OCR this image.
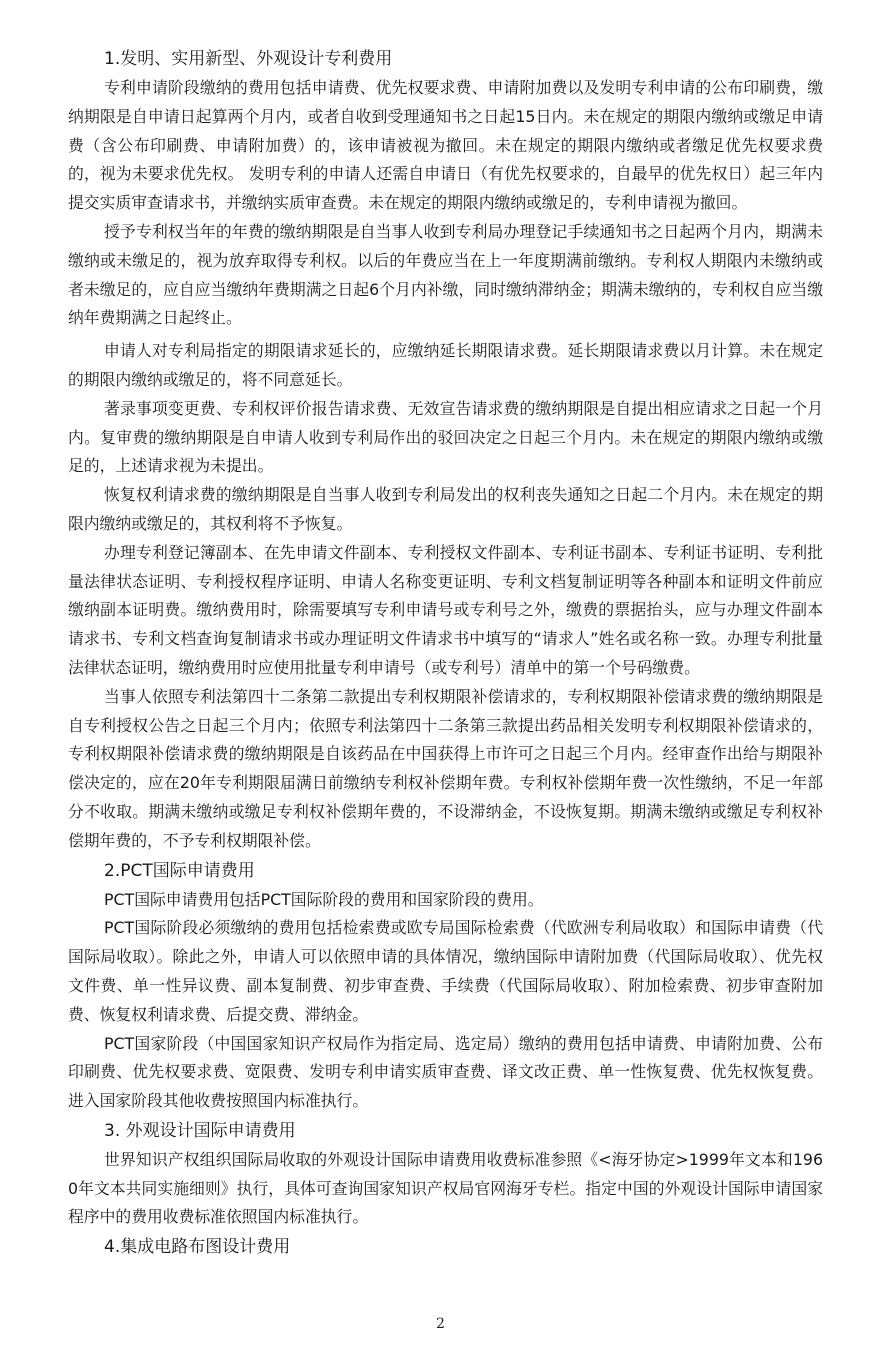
1.发明、实用新型、外观设计专利费用

专利申请阶段缴纳的费用包括申请费、优先权要求费、申请附加费以及发明专利申请的公布印刷费，缴纳期限是自申请日起算两个月内，或者自收到受理通知书之日起15日内。未在规定的期限内缴纳或缴足申请费（含公布印刷费、申请附加费）的，该申请被视为撤回。未在规定的期限内缴纳或者缴足优先权要求费的，视为未要求优先权。 发明专利的申请人还需自申请日（有优先权要求的，自最早的优先权日）起三年内提交实质审查请求书，并缴纳实质审查费。未在规定的期限内缴纳或缴足的，专利申请视为撤回。

授予专利权当年的年费的缴纳期限是自当事人收到专利局办理登记手续通知书之日起两个月内，期满未缴纳或未缴足的，视为放弃取得专利权。以后的年费应当在上一年度期满前缴纳。专利权人期限内未缴纳或者未缴足的，应自应当缴纳年费期满之日起6个月内补缴，同时缴纳滞纳金；期满未缴纳的，专利权自应当缴纳年费期满之日起终止。

申请人对专利局指定的期限请求延长的，应缴纳延长期限请求费。延长期限请求费以月计算。未在规定的期限内缴纳或缴足的，将不同意延长。

著录事项变更费、专利权评价报告请求费、无效宣告请求费的缴纳期限是自提出相应请求之日起一个月内。复审费的缴纳期限是自申请人收到专利局作出的驳回决定之日起三个月内。未在规定的期限内缴纳或缴足的，上述请求视为未提出。

恢复权利请求费的缴纳期限是自当事人收到专利局发出的权利丧失通知之日起二个月内。未在规定的期限内缴纳或缴足的，其权利将不予恢复。

办理专利登记簿副本、在先申请文件副本、专利授权文件副本、专利证书副本、专利证书证明、专利批量法律状态证明、专利授权程序证明、申请人名称变更证明、专利文档复制证明等各种副本和证明文件前应缴纳副本证明费。缴纳费用时，除需要填写专利申请号或专利号之外，缴费的票据抬头，应与办理文件副本请求书、专利文档查询复制请求书或办理证明文件请求书中填写的“请求人”姓名或名称一致。办理专利批量法律状态证明，缴纳费用时应使用批量专利申请号（或专利号）清单中的第一个号码缴费。

当事人依照专利法第四十二条第二款提出专利权期限补偿请求的，专利权期限补偿请求费的缴纳期限是自专利授权公告之日起三个月内；依照专利法第四十二条第三款提出药品相关发明专利权期限补偿请求的，专利权期限补偿请求费的缴纳期限是自该药品在中国获得上市许可之日起三个月内。经审查作出给与期限补偿决定的，应在20年专利期限届满日前缴纳专利权补偿期年费。专利权补偿期年费一次性缴纳，不足一年部分不收取。期满未缴纳或缴足专利权补偿期年费的，不设滞纳金，不设恢复期。期满未缴纳或缴足专利权补偿期年费的，不予专利权期限补偿。

2.PCT国际申请费用

PCT国际申请费用包括PCT国际阶段的费用和国家阶段的费用。

PCT国际阶段必须缴纳的费用包括检索费或欧专局国际检索费（代欧洲专利局收取）和国际申请费（代国际局收取）。除此之外，申请人可以依照申请的具体情况，缴纳国际申请附加费（代国际局收取）、优先权文件费、单一性异议费、副本复制费、初步审查费、手续费（代国际局收取）、附加检索费、初步审查附加费、恢复权利请求费、后提交费、滞纳金。

PCT国家阶段（中国国家知识产权局作为指定局、选定局）缴纳的费用包括申请费、申请附加费、公布印刷费、优先权要求费、宽限费、发明专利申请实质审查费、译文改正费、单一性恢复费、优先权恢复费。进入国家阶段其他收费按照国内标准执行。

3. 外观设计国际申请费用

世界知识产权组织国际局收取的外观设计国际申请费用收费标准参照《<海牙协定>1999年文本和1960年文本共同实施细则》执行，具体可查询国家知识产权局官网海牙专栏。指定中国的外观设计国际申请国家程序中的费用收费标准依照国内标准执行。

4.集成电路布图设计费用
2
